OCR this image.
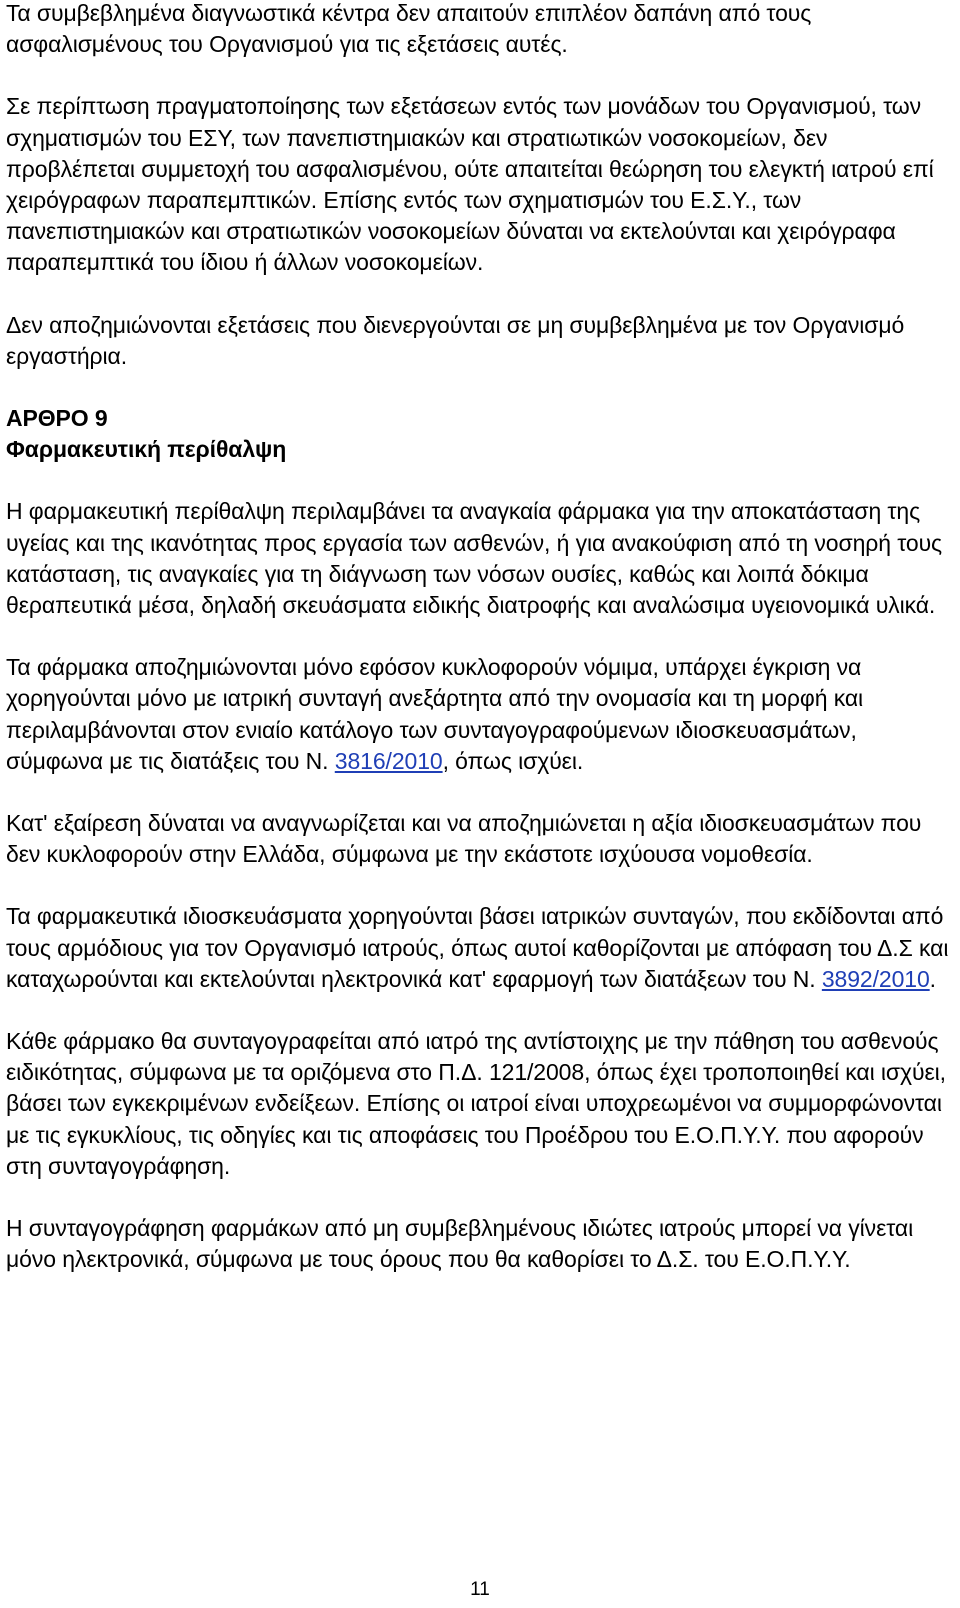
Τα συμβεβλημένα διαγνωστικά κέντρα δεν απαιτούν επιπλέον δαπάνη από τους ασφαλισμένους του Οργανισμού για τις εξετάσεις αυτές.

Σε περίπτωση πραγματοποίησης των εξετάσεων εντός των μονάδων του Οργανισμού, των σχηματισμών του ΕΣΥ, των πανεπιστημιακών και στρατιωτικών νοσοκομείων, δεν προβλέπεται συμμετοχή του ασφαλισμένου, ούτε απαιτείται θεώρηση του ελεγκτή ιατρού επί χειρόγραφων παραπεμπτικών. Επίσης εντός των σχηματισμών του Ε.Σ.Υ., των πανεπιστημιακών και στρατιωτικών νοσοκομείων δύναται να εκτελούνται και χειρόγραφα παραπεμπτικά του ίδιου ή άλλων νοσοκομείων.

Δεν αποζημιώνονται εξετάσεις που διενεργούνται σε μη συμβεβλημένα με τον Οργανισμό εργαστήρια.

ΑΡΘΡΟ 9
Φαρμακευτική περίθαλψη

Η φαρμακευτική περίθαλψη περιλαμβάνει τα αναγκαία φάρμακα για την αποκατάσταση της υγείας και της ικανότητας προς εργασία των ασθενών, ή για ανακούφιση από τη νοσηρή τους κατάσταση, τις αναγκαίες για τη διάγνωση των νόσων ουσίες, καθώς και λοιπά δόκιμα θεραπευτικά μέσα, δηλαδή σκευάσματα ειδικής διατροφής και αναλώσιμα υγειονομικά υλικά.

Τα φάρμακα αποζημιώνονται μόνο εφόσον κυκλοφορούν νόμιμα, υπάρχει έγκριση να χορηγούνται μόνο με ιατρική συνταγή ανεξάρτητα από την ονομασία και τη μορφή και περιλαμβάνονται στον ενιαίο κατάλογο των συνταγογραφούμενων ιδιοσκευασμάτων, σύμφωνα με τις διατάξεις του Ν. 3816/2010, όπως ισχύει.

Κατ' εξαίρεση δύναται να αναγνωρίζεται και να αποζημιώνεται η αξία ιδιοσκευασμάτων που δεν κυκλοφορούν στην Ελλάδα, σύμφωνα με την εκάστοτε ισχύουσα νομοθεσία.

Τα φαρμακευτικά ιδιοσκευάσματα χορηγούνται βάσει ιατρικών συνταγών, που εκδίδονται από τους αρμόδιους για τον Οργανισμό ιατρούς, όπως αυτοί καθορίζονται με απόφαση του Δ.Σ και καταχωρούνται και εκτελούνται ηλεκτρονικά κατ' εφαρμογή των διατάξεων του Ν. 3892/2010.

Κάθε φάρμακο θα συνταγογραφείται από ιατρό της αντίστοιχης με την πάθηση του ασθενούς ειδικότητας, σύμφωνα με τα οριζόμενα στο Π.Δ. 121/2008, όπως έχει τροποποιηθεί και ισχύει, βάσει των εγκεκριμένων ενδείξεων. Επίσης οι ιατροί είναι υποχρεωμένοι να συμμορφώνονται με τις εγκυκλίους, τις οδηγίες και τις αποφάσεις του Προέδρου του Ε.Ο.Π.Υ.Υ. που αφορούν στη συνταγογράφηση.

Η συνταγογράφηση φαρμάκων από μη συμβεβλημένους ιδιώτες ιατρούς μπορεί να γίνεται μόνο ηλεκτρονικά, σύμφωνα με τους όρους που θα καθορίσει το Δ.Σ. του Ε.Ο.Π.Υ.Υ.

11
